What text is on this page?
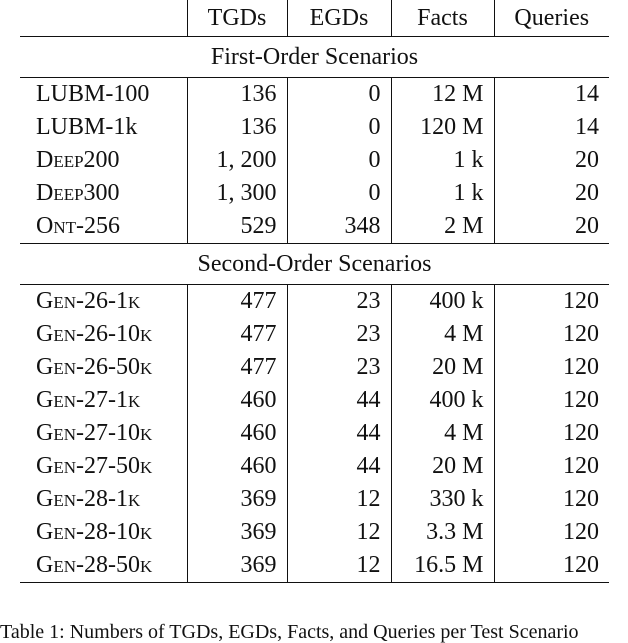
	TGDs	EGDs	Facts	Queries
First-Order Scenarios				
LUBM-100	136	0	12 M	14
LUBM-1k	136	0	120 M	14
Deep200	1, 200	0	1 k	20
Deep300	1, 300	0	1 k	20
Ont-256	529	348	2 M	20
Second-Order Scenarios				
Gen-26-1k	477	23	400 k	120
Gen-26-10k	477	23	4 M	120
Gen-26-50k	477	23	20 M	120
Gen-27-1k	460	44	400 k	120
Gen-27-10k	460	44	4 M	120
Gen-27-50k	460	44	20 M	120
Gen-28-1k	369	12	330 k	120
Gen-28-10k	369	12	3.3 M	120
Gen-28-50k	369	12	16.5 M	120
Table 1: Numbers of TGDs, EGDs, Facts, and Queries per Test Scenario
